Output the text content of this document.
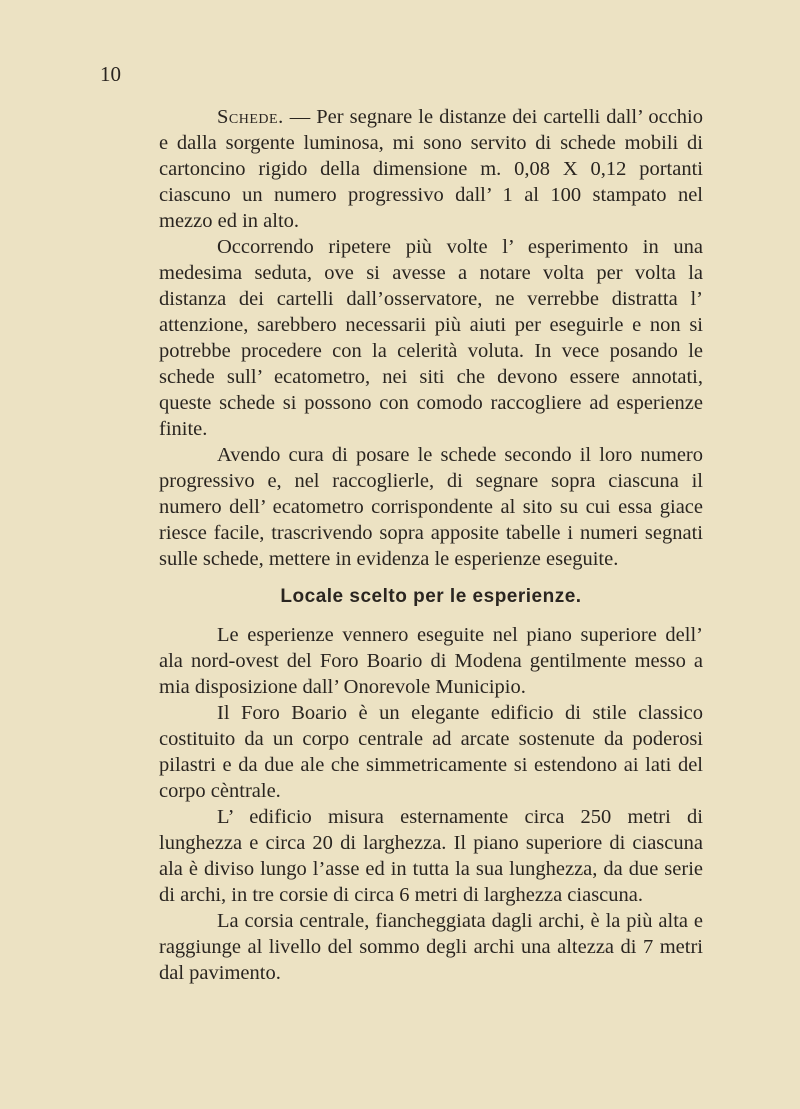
10

Schede. — Per segnare le distanze dei cartelli dall’ occhio e dalla sorgente luminosa, mi sono servito di schede mobili di cartoncino rigido della dimensione m. 0,08 X 0,12 portanti ciascuno un numero progressivo dall’ 1 al 100 stampato nel mezzo ed in alto.

Occorrendo ripetere più volte l’ esperimento in una medesima seduta, ove si avesse a notare volta per volta la distanza dei cartelli dall’osservatore, ne verrebbe distratta l’ attenzione, sarebbero necessarii più aiuti per eseguirle e non si potrebbe procedere con la celerità voluta. In vece posando le schede sull’ ecatometro, nei siti che devono essere annotati, queste schede si possono con comodo raccogliere ad esperienze finite.

Avendo cura di posare le schede secondo il loro numero progressivo e, nel raccoglierle, di segnare sopra ciascuna il numero dell’ ecatometro corrispondente al sito su cui essa giace riesce facile, trascrivendo sopra apposite tabelle i numeri segnati sulle schede, mettere in evidenza le esperienze eseguite.

Locale scelto per le esperienze.

Le esperienze vennero eseguite nel piano superiore dell’ ala nord-ovest del Foro Boario di Modena gentilmente messo a mia disposizione dall’ Onorevole Municipio.

Il Foro Boario è un elegante edificio di stile classico costituito da un corpo centrale ad arcate sostenute da poderosi pilastri e da due ale che simmetricamente si estendono ai lati del corpo cèntrale.

L’ edificio misura esternamente circa 250 metri di lunghezza e circa 20 di larghezza. Il piano superiore di ciascuna ala è diviso lungo l’asse ed in tutta la sua lunghezza, da due serie di archi, in tre corsie di circa 6 metri di larghezza ciascuna.

La corsia centrale, fiancheggiata dagli archi, è la più alta e raggiunge al livello del sommo degli archi una altezza di 7 metri dal pavimento.
